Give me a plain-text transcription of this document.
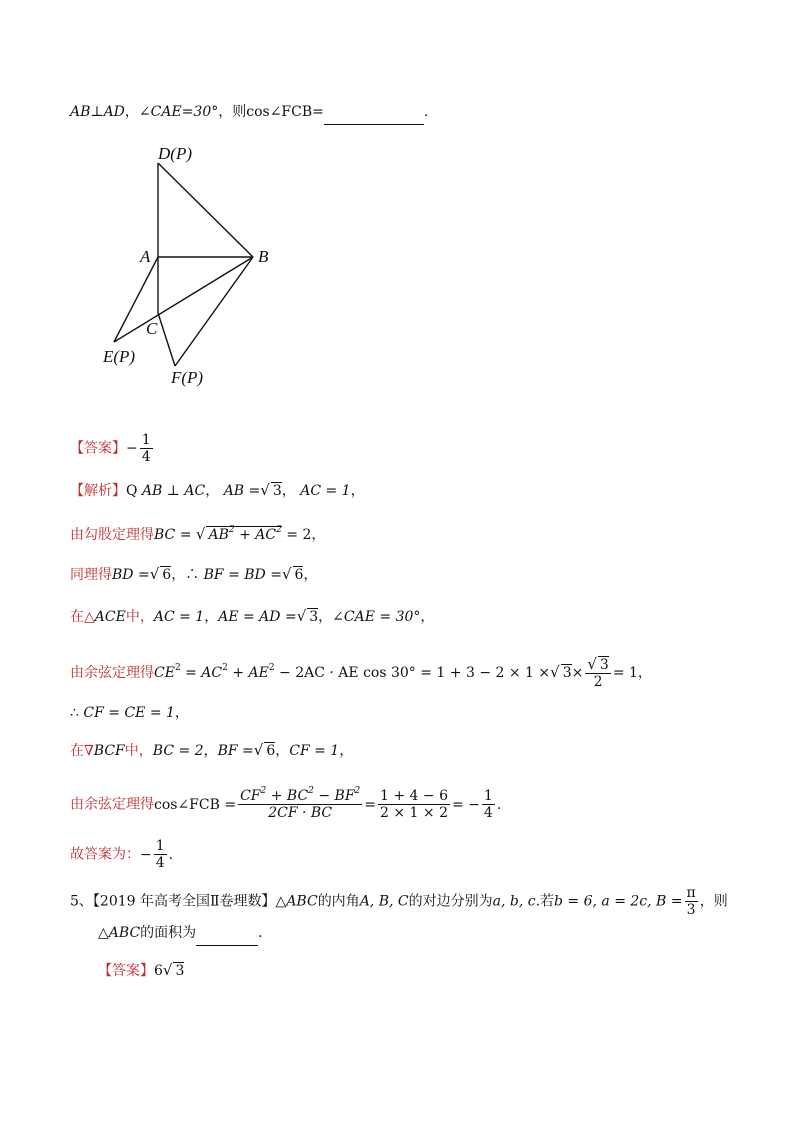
AB⊥AD，∠CAE=30°，则cos∠FCB=	.
D(P)
A	B
C
E(P)
F(P)
【答案】− $\frac{1}{4}$
【解析】Q AB ⊥ AC， AB =√ 3， AC = 1，
由勾股定理得BC = √ $AB^2 + AC^2 = 2$，
同理得BD =√ 6，∴ BF = BD =√ 6，
在△ACE中，AC = 1，AE = AD =√ 3，∠CAE = 30°，
由余弦定理得$CE^2 = AC^2 + AE^2 - 2AC$ · AE cos 30° = 1 + 3 − 2 × 1 ×√ $3\times \frac{√ 3}{2} = 1$，
∴ CF = CE = 1，
在∇BCF中，BC = 2，BF =√ 6，CF = 1，
由余弦定理得cos∠FCB = $\frac{CF^2 + BC^2 - BF^2}{2CF \cdot BC} = \frac{1 + 4 - 6}{2 \times 1 \times 2}$ = − $\frac{1}{4}$ .
故答案为：− $\frac{1}{4}$ .
5、【2019 年高考全国Ⅱ卷理数】△ABC的内角A, B, C的对边分别为a, b, c.若b = 6, a = 2c, $B = \frac{\pi}{3}$ ，则
△ABC的面积为	．
【答案】6√ 3
